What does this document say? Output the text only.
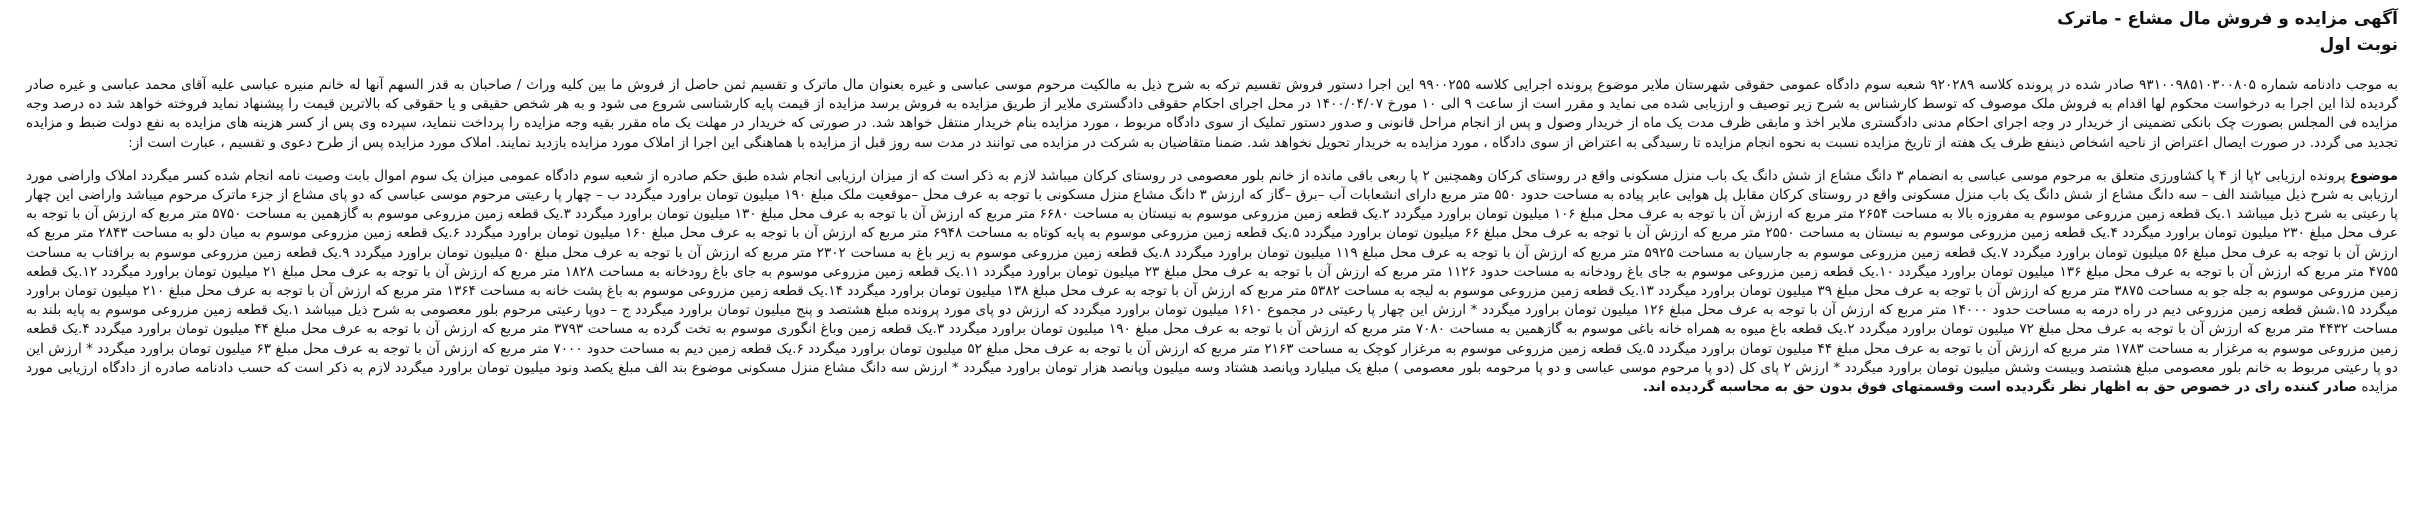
آگهی مزایده و فروش مال مشاع - ماترک
نوبت اول

به موجب دادنامه شماره ۹۳۱۰۰۹۸۵۱۰۳۰۰۸۰۵ صادر شده در پرونده کلاسه ۹۲۰۲۸۹ شعبه سوم دادگاه عمومی حقوقی شهرستان ملایر موضوع پرونده اجرایی کلاسه ۹۹۰۰۲۵۵ این اجرا دستور فروش تقسیم ترکه به شرح ذیل به مالکیت مرحوم موسی عباسی و غیره بعنوان مال ماترک و تقسیم ثمن حاصل از فروش ما بین کلیه وراث / صاحبان به قدر السهم آنها له خانم منیره عباسی علیه آقای محمد عباسی و غیره صادر گردیده لذا این اجرا به درخواست محکوم لها اقدام به فروش ملک موصوف که توسط کارشناس به شرح زیر توصیف و ارزیابی شده می نماید و مقرر است از ساعت ۹ الی ۱۰ مورخ ۱۴۰۰/۰۴/۰۷ در محل اجرای احکام حقوقی دادگستری ملایر از طریق مزایده به فروش برسد مزایده از قیمت پایه کارشناسی شروع می شود و به هر شخص حقیقی و یا حقوقی که بالاترین قیمت را پیشنهاد نماید فروخته خواهد شد ده درصد وجه مزایده فی المجلس بصورت چک بانکی تضمینی از خریدار در وجه اجرای احکام مدنی دادگستری ملایر اخذ و مابقی ظرف مدت یک ماه از خریدار وصول و پس از انجام مراحل قانونی و صدور دستور تملیک از سوی دادگاه مربوط ، مورد مزایده بنام خریدار منتقل خواهد شد. در صورتی که خریدار در مهلت یک ماه مقرر بقیه وجه مزایده را پرداخت ننماید، سپرده وی پس از کسر هزینه های مزایده به نفع دولت ضبط و مزایده تجدید می گردد. در صورت ایصال اعتراض از ناحیه اشخاص ذینفع ظرف یک هفته از تاریخ مزایده نسبت به نحوه انجام مزایده تا رسیدگی به اعتراض از سوی دادگاه ، مورد مزایده به خریدار تحویل نخواهد شد. ضمنا متقاضیان به شرکت در مزایده می توانند در مدت سه روز قبل از مزایده با هماهنگی این اجرا از املاک مورد مزایده بازدید نمایند. املاک مورد مزایده پس از طرح دعوی و تقسیم ، عبارت است از:

موضوع پرونده ارزیابی ۲پا از ۴ پا کشاورزی متعلق به مرحوم موسی عباسی به انضمام ۳ دانگ مشاع از شش دانگ یک باب منزل مسکونی واقع در روستای کرکان وهمچنین ۲ پا ربعی باقی مانده از خانم بلور معصومی در روستای کرکان میباشد لازم به ذکر است که از میزان ارزیابی انجام شده طبق حکم صادره از شعبه سوم دادگاه عمومی میزان یک سوم اموال بابت وصیت نامه انجام شده کسر میگردد املاک واراضی مورد ارزیابی به شرح ذیل میباشند الف – سه دانگ مشاع از شش دانگ یک باب منزل مسکونی واقع در روستای کرکان مقابل پل هوایی عابر پیاده به مساحت حدود ۵۵۰ متر مربع دارای انشعابات آب –برق –گاز که ارزش ۳ دانگ مشاع منزل مسکونی با توجه به عرف محل –موقعیت ملک مبلغ ۱۹۰ میلیون تومان براورد میگردد ب – چهار پا رعیتی مرحوم موسی عباسی که دو پای مشاع از جزء ماترک مرحوم میباشد واراضی این چهار پا رعیتی به شرح ذیل میباشد ۱.یک قطعه زمین مزروعی موسوم به مفروزه بالا به مساحت ۲۶۵۴ متر مربع که ارزش آن با توجه به عرف محل مبلغ ۱۰۶ میلیون تومان براورد میگردد ۲.یک قطعه زمین مزروعی موسوم به نیستان به مساحت ۶۶۸۰ متر مربع که ارزش آن با توجه به عرف محل مبلغ ۱۳۰ میلیون تومان براورد میگردد ۳.یک قطعه زمین مزروعی موسوم به گازهمین به مساحت ۵۷۵۰ متر مربع که ارزش آن با توجه به عرف محل مبلغ ۲۳۰ میلیون تومان براورد میگردد ۴.یک قطعه زمین مزروعی موسوم به نیستان به مساحت ۲۵۵۰ متر مربع که ارزش آن با توجه به عرف محل مبلغ ۶۶ میلیون تومان براورد میگردد ۵.یک قطعه زمین مزروعی موسوم به پایه کوتاه به مساحت ۶۹۴۸ متر مربع که ارزش آن با توجه به عرف محل مبلغ ۱۶۰ میلیون تومان براورد میگردد ۶.یک قطعه زمین مزروعی موسوم به میان دلو به مساحت ۲۸۴۳ متر مربع که ارزش آن با توجه به عرف محل مبلغ ۵۶ میلیون تومان براورد میگردد ۷.یک قطعه زمین مزروعی موسوم به جارسیان به مساحت ۵۹۲۵ متر مربع که ارزش آن با توجه به عرف محل مبلغ ۱۱۹ میلیون تومان براورد میگردد ۸.یک قطعه زمین مزروعی موسوم به زیر باغ به مساحت ۲۳۰۲ متر مربع که ارزش آن با توجه به عرف محل مبلغ ۵۰ میلیون تومان براورد میگردد ۹.یک قطعه زمین مزروعی موسوم به برافتاب به مساحت ۴۷۵۵ متر مربع که ارزش آن با توجه به عرف محل مبلغ ۱۳۶ میلیون تومان براورد میگردد ۱۰.یک قطعه زمین مزروعی موسوم به جای باغ رودخانه به مساحت حدود ۱۱۲۶ متر مربع که ارزش آن با توجه به عرف محل مبلغ ۲۳ میلیون تومان براورد میگردد ۱۱.یک قطعه زمین مزروعی موسوم به جای باغ رودخانه به مساحت ۱۸۲۸ متر مربع که ارزش آن با توجه به عرف محل مبلغ ۲۱ میلیون تومان براورد میگردد ۱۲.یک قطعه زمین مزروعی موسوم به جله جو به مساحت ۳۸۷۵ متر مربع که ارزش آن با توجه به عرف محل مبلغ ۳۹ میلیون تومان براورد میگردد ۱۳.یک قطعه زمین مزروعی موسوم به لیجه به مساحت ۵۳۸۲ متر مربع که ارزش آن با توجه به عرف محل مبلغ ۱۳۸ میلیون تومان براورد میگردد ۱۴.یک قطعه زمین مزروعی موسوم به باغ پشت خانه به مساحت ۱۳۶۴ متر مربع که ارزش آن با توجه به عرف محل مبلغ ۲۱۰ میلیون تومان براورد میگردد ۱۵.شش قطعه زمین مزروعی دیم در راه درمه به مساحت حدود ۱۴۰۰۰ متر مربع که ارزش آن با توجه به عرف محل مبلغ ۱۲۶ میلیون تومان براورد میگردد * ارزش این چهار پا رعیتی در مجموع ۱۶۱۰ میلیون تومان براورد میگردد که ارزش دو پای مورد پرونده مبلغ هشتصد و پنج میلیون تومان براورد میگردد ج – دوپا رعیتی مرحوم بلور معصومی به شرح ذیل میباشد ۱.یک قطعه زمین مزروعی موسوم به پایه بلند به مساحت ۴۴۳۲ متر مربع که ارزش آن با توجه به عرف محل مبلغ ۷۲ میلیون تومان براورد میگردد ۲.یک قطعه باغ میوه به همراه خانه باغی موسوم به گازهمین به مساحت ۷۰۸۰ متر مربع که ارزش آن با توجه به عرف محل مبلغ ۱۹۰ میلیون تومان براورد میگردد ۳.یک قطعه زمین وباغ انگوری موسوم به تخت گرده به مساحت ۳۷۹۳ متر مربع که ارزش آن با توجه به عرف محل مبلغ ۴۴ میلیون تومان براورد میگردد ۴.یک قطعه زمین مزروعی موسوم به مرغزار به مساحت ۱۷۸۳ متر مربع که ارزش آن با توجه به عرف محل مبلغ ۴۴ میلیون تومان براورد میگردد ۵.یک قطعه زمین مزروعی موسوم به مرغزار کوچک به مساحت ۲۱۶۳ متر مربع که ارزش آن با توجه به عرف محل مبلغ ۵۲ میلیون تومان براورد میگردد ۶.یک قطعه زمین دیم به مساحت حدود ۷۰۰۰ متر مربع که ارزش آن با توجه به عرف محل مبلغ ۶۳ میلیون تومان براورد میگردد * ارزش این دو پا رعیتی مربوط به خانم بلور معصومی مبلغ هشتصد وبیست وشش میلیون تومان براورد میگردد * ارزش ۲ پای کل (دو پا مرحوم موسی عباسی و دو پا مرحومه بلور معصومی ) مبلغ یک میلیارد وپانصد هشتاد وسه میلیون وپانصد هزار تومان براورد میگردد * ارزش سه دانگ مشاع منزل مسکونی موضوع بند الف مبلغ یکصد ونود میلیون تومان براورد میگردد لازم به ذکر است که حسب دادنامه صادره از دادگاه ارزیابی مورد مزایده صادر کننده رای در خصوص حق به اظهار نظر نگردیده است وقسمتهای فوق بدون حق به محاسبه گردیده اند.
